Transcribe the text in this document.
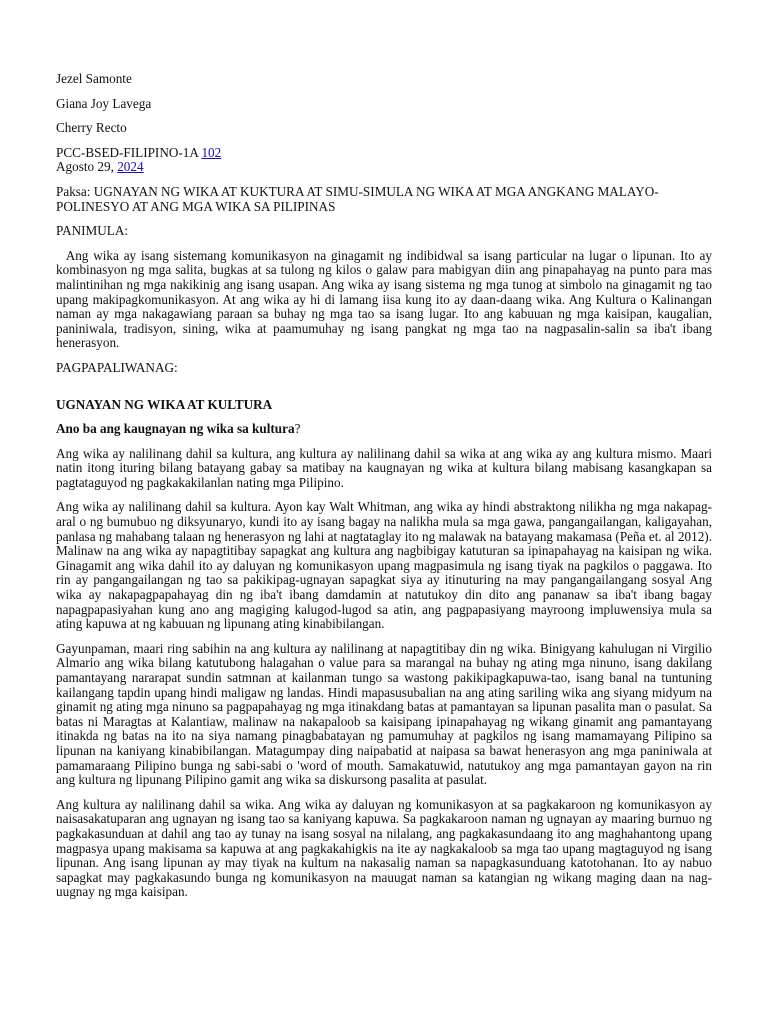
Jezel Samonte

Giana Joy Lavega

Cherry Recto

PCC-BSED-FILIPINO-1A 102

Agosto 29, 2024

Paksa: UGNAYAN NG WIKA AT KUKTURA AT SIMU-SIMULA NG WIKA AT MGA ANGKANG MALAYO-POLINESYO AT ANG MGA WIKA SA PILIPINAS

PANIMULA:

Ang wika ay isang sistemang komunikasyon na ginagamit ng indibidwal sa isang particular na lugar o lipunan. Ito ay kombinasyon ng mga salita, bugkas at sa tulong ng kilos o galaw para mabigyan diin ang pinapahayag na punto para mas malintinihan ng mga nakikinig ang isang usapan. Ang wika ay isang sistema ng mga tunog at simbolo na ginagamit ng tao upang makipagkomunikasyon. At ang wika ay hi di lamang iisa kung ito ay daan-daang wika. Ang Kultura o Kalinangan naman ay mga nakagawiang paraan sa buhay ng mga tao sa isang lugar. Ito ang kabuuan ng mga kaisipan, kaugalian, paniniwala, tradisyon, sining, wika at paamumuhay ng isang pangkat ng mga tao na nagpasalin-salin sa iba't ibang henerasyon.

PAGPAPALIWANAG:

UGNAYAN NG WIKA AT KULTURA

Ano ba ang kaugnayan ng wika sa kultura?

Ang wika ay nalilinang dahil sa kultura, ang kultura ay nalilinang dahil sa wika at ang wika ay ang kultura mismo. Maari natin itong ituring bilang batayang gabay sa matibay na kaugnayan ng wika at kultura bilang mabisang kasangkapan sa pagtataguyod ng pagkakakilanlan nating mga Pilipino.

Ang wika ay nalilinang dahil sa kultura. Ayon kay Walt Whitman, ang wika ay hindi abstraktong nilikha ng mga nakapag-aral o ng bumubuo ng diksyunaryo, kundi ito ay isang bagay na nalikha mula sa mga gawa, pangangailangan, kaligayahan, panlasa ng mahabang talaan ng henerasyon ng lahi at nagtataglay ito ng malawak na batayang makamasa (Peña et. al 2012). Malinaw na ang wika ay napagtitibay sapagkat ang kultura ang nagbibigay katuturan sa ipinapahayag na kaisipan ng wika. Ginagamit ang wika dahil ito ay daluyan ng komunikasyon upang magpasimula ng isang tiyak na pagkilos o paggawa. Ito rin ay pangangailangan ng tao sa pakikipag-ugnayan sapagkat siya ay itinuturing na may pangangailangang sosyal Ang wika ay nakapagpapahayag din ng iba't ibang damdamin at natutukoy din dito ang pananaw sa iba't ibang bagay napagpapasiyahan kung ano ang magiging kalugod-lugod sa atin, ang pagpapasiyang mayroong impluwensiya mula sa ating kapuwa at ng kabuuan ng lipunang ating kinabibilangan.

Gayunpaman, maari ring sabihin na ang kultura ay nalilinang at napagtitibay din ng wika. Binigyang kahulugan ni Virgilio Almario ang wika bilang katutubong halagahan o value para sa marangal na buhay ng ating mga ninuno, isang dakilang pamantayang nararapat sundin satmnan at kailanman tungo sa wastong pakikipagkapuwa-tao, isang banal na tuntuning kailangang tapdin upang hindi maligaw ng landas. Hindi mapasusubalian na ang ating sariling wika ang siyang midyum na ginamit ng ating mga ninuno sa pagpapahayag ng mga itinakdang batas at pamantayan sa lipunan pasalita man o pasulat. Sa batas ni Maragtas at Kalantiaw, malinaw na nakapaloob sa kaisipang ipinapahayag ng wikang ginamit ang pamantayang itinakda ng batas na ito na siya namang pinagbabatayan ng pamumuhay at pagkilos ng isang mamamayang Pilipino sa lipunan na kaniyang kinabibilangan. Matagumpay ding naipabatid at naipasa sa bawat henerasyon ang mga paniniwala at pamamaraang Pilipino bunga ng sabi-sabi o 'word of mouth. Samakatuwid, natutukoy ang mga pamantayan gayon na rin ang kultura ng lipunang Pilipino gamit ang wika sa diskursong pasalita at pasulat.

Ang kultura ay nalilinang dahil sa wika. Ang wika ay daluyan ng komunikasyon at sa pagkakaroon ng komunikasyon ay naisasakatuparan ang ugnayan ng isang tao sa kaniyang kapuwa. Sa pagkakaroon naman ng ugnayan ay maaring burnuo ng pagkakasunduan at dahil ang tao ay tunay na isang sosyal na nilalang, ang pagkakasundaang ito ang maghahantong upang magpasya upang makisama sa kapuwa at ang pagkakahigkis na ite ay nagkakaloob sa mga tao upang magtaguyod ng isang lipunan. Ang isang lipunan ay may tiyak na kultum na nakasalig naman sa napagkasunduang katotohanan. Ito ay nabuo sapagkat may pagkakasundo bunga ng komunikasyon na mauugat naman sa katangian ng wikang maging daan na nag-uugnay ng mga kaisipan.
